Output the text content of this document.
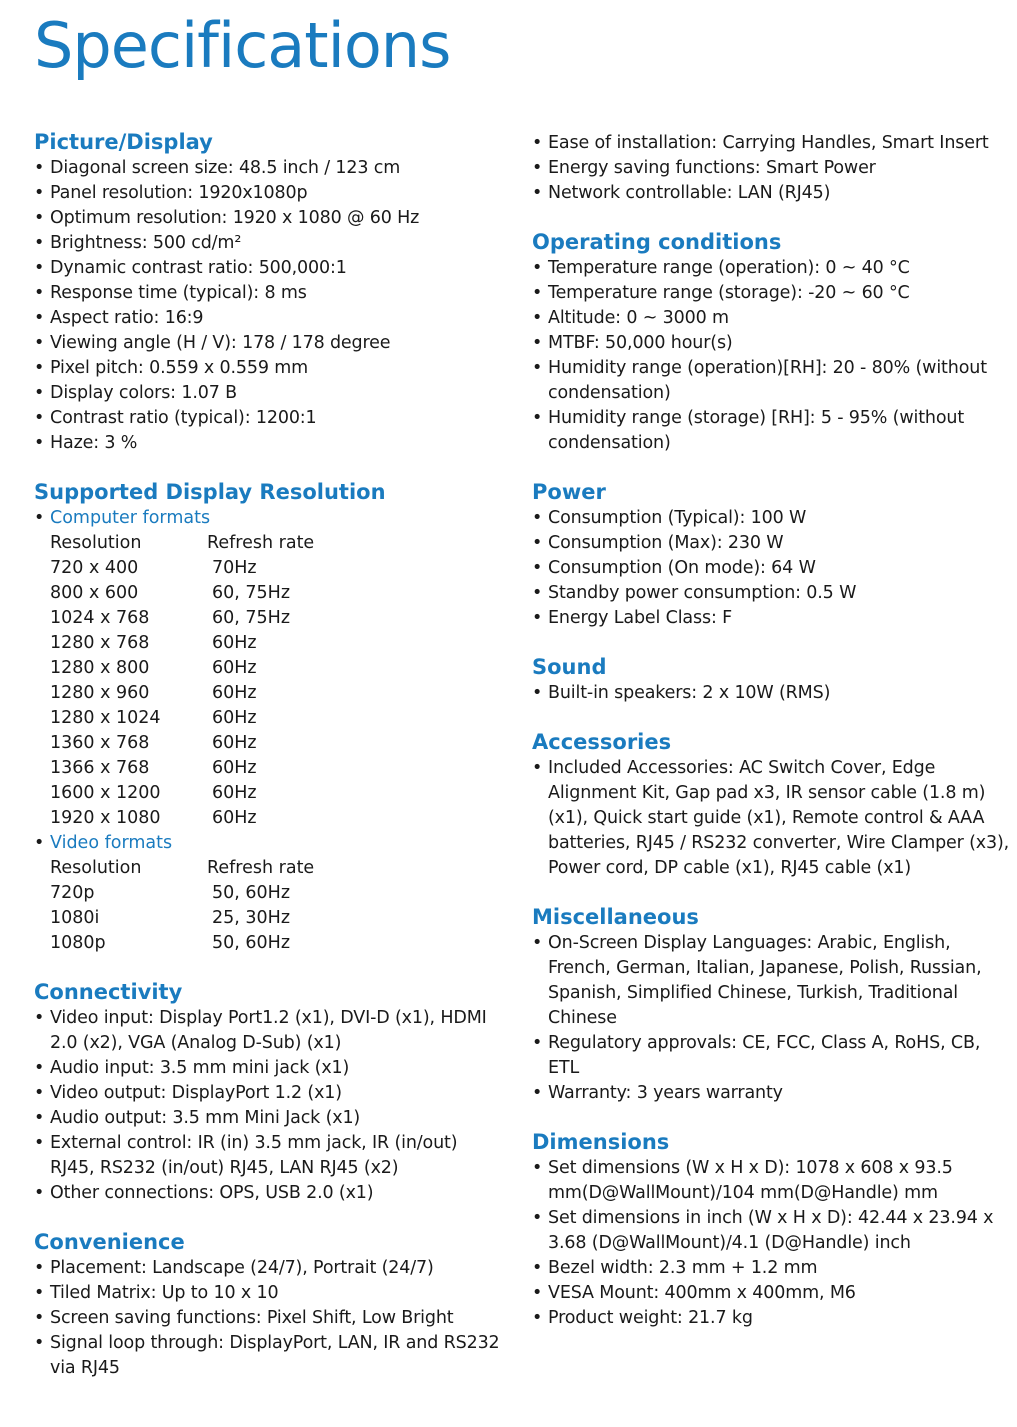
Specifications
Picture/Display
• Diagonal screen size: 48.5 inch / 123 cm
• Panel resolution: 1920x1080p
• Optimum resolution: 1920 x 1080 @ 60 Hz
• Brightness: 500 cd/m²
• Dynamic contrast ratio: 500,000:1
• Response time (typical): 8 ms
• Aspect ratio: 16:9
• Viewing angle (H / V): 178 / 178 degree
• Pixel pitch: 0.559 x 0.559 mm
• Display colors: 1.07 B
• Contrast ratio (typical): 1200:1
• Haze: 3 %
Supported Display Resolution
• Computer formats
Resolution	Refresh rate
720 x 400	70Hz
800 x 600	60, 75Hz
1024 x 768	60, 75Hz
1280 x 768	60Hz
1280 x 800	60Hz
1280 x 960	60Hz
1280 x 1024	60Hz
1360 x 768	60Hz
1366 x 768	60Hz
1600 x 1200	60Hz
1920 x 1080	60Hz
• Video formats
Resolution	Refresh rate
720p	50, 60Hz
1080i	25, 30Hz
1080p	50, 60Hz
Connectivity
• Video input: Display Port1.2 (x1), DVI-D (x1), HDMI 2.0 (x2), VGA (Analog D-Sub) (x1)
• Audio input: 3.5 mm mini jack (x1)
• Video output: DisplayPort 1.2 (x1)
• Audio output: 3.5 mm Mini Jack (x1)
• External control: IR (in) 3.5 mm jack, IR (in/out) RJ45, RS232 (in/out) RJ45, LAN RJ45 (x2)
• Other connections: OPS, USB 2.0 (x1)
Convenience
• Placement: Landscape (24/7), Portrait (24/7)
• Tiled Matrix: Up to 10 x 10
• Screen saving functions: Pixel Shift, Low Bright
• Signal loop through: DisplayPort, LAN, IR and RS232 via RJ45
• Ease of installation: Carrying Handles, Smart Insert
• Energy saving functions: Smart Power
• Network controllable: LAN (RJ45)
Operating conditions
• Temperature range (operation): 0 ~ 40 °C
• Temperature range (storage): -20 ~ 60 °C
• Altitude: 0 ~ 3000 m
• MTBF: 50,000 hour(s)
• Humidity range (operation)[RH]: 20 - 80% (without condensation)
• Humidity range (storage) [RH]: 5 - 95% (without condensation)
Power
• Consumption (Typical): 100 W
• Consumption (Max): 230 W
• Consumption (On mode): 64 W
• Standby power consumption: 0.5 W
• Energy Label Class: F
Sound
• Built-in speakers: 2 x 10W (RMS)
Accessories
• Included Accessories: AC Switch Cover, Edge Alignment Kit, Gap pad x3, IR sensor cable (1.8 m) (x1), Quick start guide (x1), Remote control & AAA batteries, RJ45 / RS232 converter, Wire Clamper (x3), Power cord, DP cable (x1), RJ45 cable (x1)
Miscellaneous
• On-Screen Display Languages: Arabic, English, French, German, Italian, Japanese, Polish, Russian, Spanish, Simplified Chinese, Turkish, Traditional Chinese
• Regulatory approvals: CE, FCC, Class A, RoHS, CB, ETL
• Warranty: 3 years warranty
Dimensions
• Set dimensions (W x H x D): 1078 x 608 x 93.5 mm(D@WallMount)/104 mm(D@Handle) mm
• Set dimensions in inch (W x H x D): 42.44 x 23.94 x 3.68 (D@WallMount)/4.1 (D@Handle) inch
• Bezel width: 2.3 mm + 1.2 mm
• VESA Mount: 400mm x 400mm, M6
• Product weight: 21.7 kg
